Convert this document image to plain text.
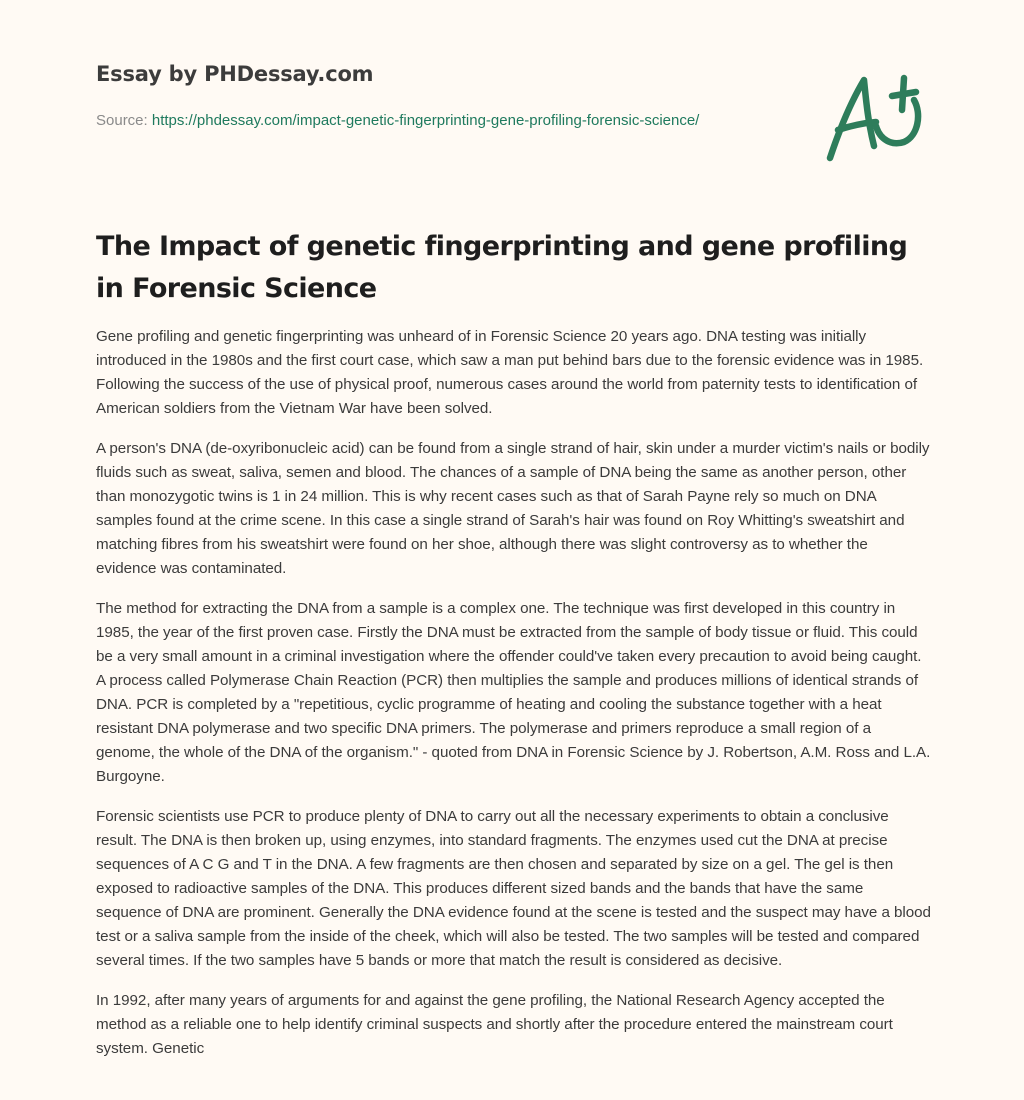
Essay by PHDessay.com
Source: https://phdessay.com/impact-genetic-fingerprinting-gene-profiling-forensic-science/
The Impact of genetic fingerprinting and gene profiling in Forensic Science

Gene profiling and genetic fingerprinting was unheard of in Forensic Science 20 years ago. DNA testing was initially introduced in the 1980s and the first court case, which saw a man put behind bars due to the forensic evidence was in 1985. Following the success of the use of physical proof, numerous cases around the world from paternity tests to identification of American soldiers from the Vietnam War have been solved.

A person's DNA (de-oxyribonucleic acid) can be found from a single strand of hair, skin under a murder victim's nails or bodily fluids such as sweat, saliva, semen and blood. The chances of a sample of DNA being the same as another person, other than monozygotic twins is 1 in 24 million. This is why recent cases such as that of Sarah Payne rely so much on DNA samples found at the crime scene. In this case a single strand of Sarah's hair was found on Roy Whitting's sweatshirt and matching fibres from his sweatshirt were found on her shoe, although there was slight controversy as to whether the evidence was contaminated.

The method for extracting the DNA from a sample is a complex one. The technique was first developed in this country in 1985, the year of the first proven case. Firstly the DNA must be extracted from the sample of body tissue or fluid. This could be a very small amount in a criminal investigation where the offender could've taken every precaution to avoid being caught. A process called Polymerase Chain Reaction (PCR) then multiplies the sample and produces millions of identical strands of DNA. PCR is completed by a "repetitious, cyclic programme of heating and cooling the substance together with a heat resistant DNA polymerase and two specific DNA primers. The polymerase and primers reproduce a small region of a genome, the whole of the DNA of the organism." - quoted from DNA in Forensic Science by J. Robertson, A.M. Ross and L.A. Burgoyne.

Forensic scientists use PCR to produce plenty of DNA to carry out all the necessary experiments to obtain a conclusive result. The DNA is then broken up, using enzymes, into standard fragments. The enzymes used cut the DNA at precise sequences of A C G and T in the DNA. A few fragments are then chosen and separated by size on a gel. The gel is then exposed to radioactive samples of the DNA. This produces different sized bands and the bands that have the same sequence of DNA are prominent. Generally the DNA evidence found at the scene is tested and the suspect may have a blood test or a saliva sample from the inside of the cheek, which will also be tested. The two samples will be tested and compared several times. If the two samples have 5 bands or more that match the result is considered as decisive.

In 1992, after many years of arguments for and against the gene profiling, the National Research Agency accepted the method as a reliable one to help identify criminal suspects and shortly after the procedure entered the mainstream court system. Genetic
